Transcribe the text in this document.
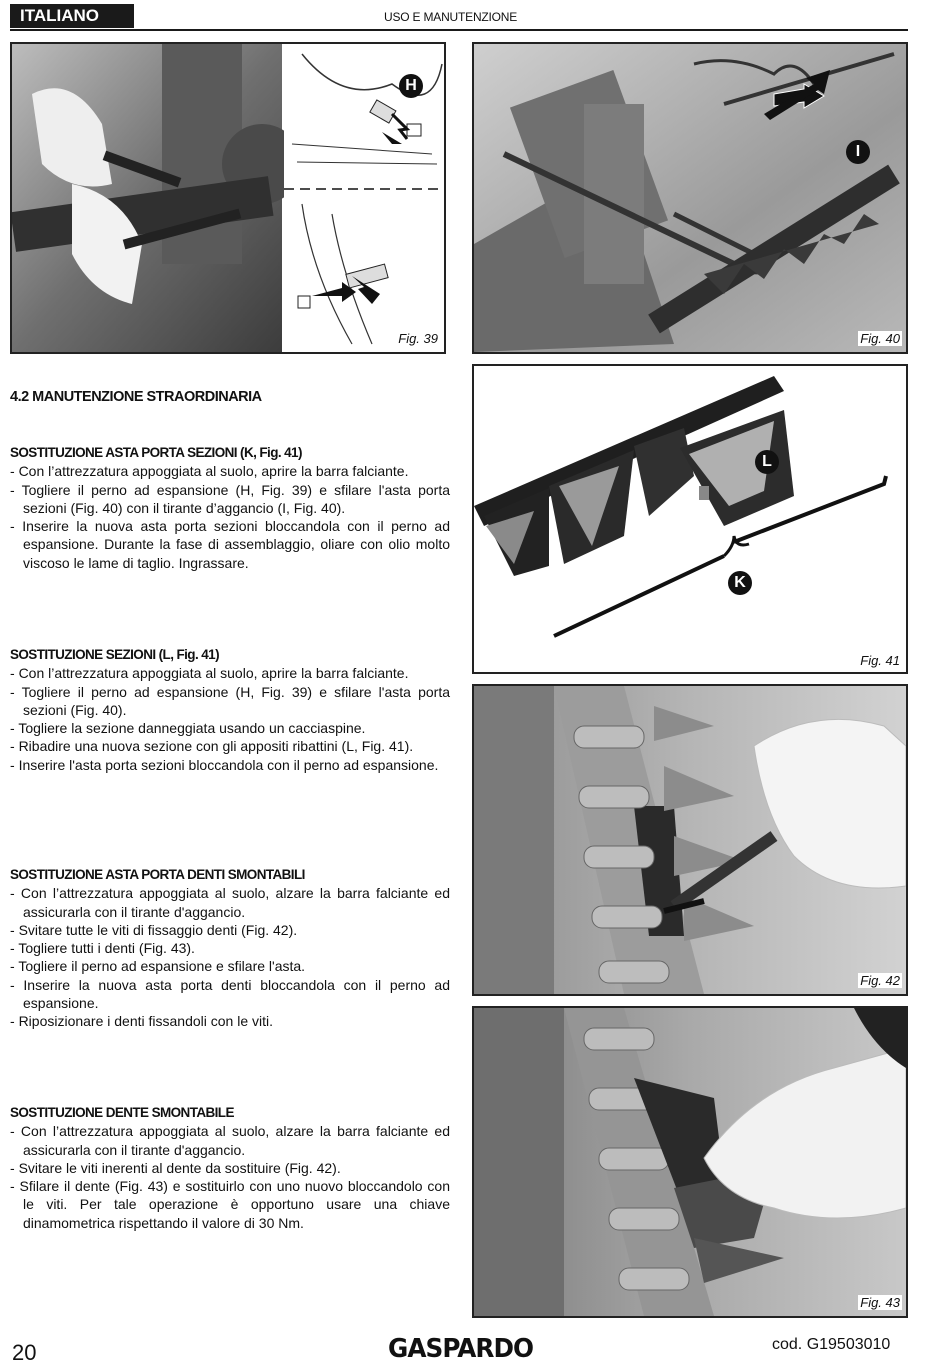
ITALIANO	USO E MANUTENZIONE
H
Fig. 39
I
Fig. 40
4.2 MANUTENZIONE STRAORDINARIA
SOSTITUZIONE ASTA PORTA SEZIONI (K, Fig. 41)
- Con l’attrezzatura appoggiata al suolo, aprire la barra falciante.
- Togliere il perno ad espansione (H, Fig. 39) e sfilare l'asta porta sezioni (Fig. 40) con il tirante d’aggancio (I, Fig. 40).
- Inserire la nuova asta porta sezioni bloccandola con il perno ad espansione. Durante la fase di assemblaggio, oliare con olio molto viscoso le lame di taglio. Ingrassare.
L
K
Fig. 41
SOSTITUZIONE SEZIONI (L, Fig. 41)
- Con l’attrezzatura appoggiata al suolo, aprire la barra falciante.
- Togliere il perno ad espansione (H, Fig. 39) e sfilare l'asta porta sezioni (Fig. 40).
- Togliere la sezione danneggiata usando un cacciaspine.
- Ribadire una nuova sezione con gli appositi ribattini (L, Fig. 41).
- Inserire l'asta porta sezioni bloccandola con il perno ad espansione.
Fig. 42
SOSTITUZIONE ASTA PORTA DENTI SMONTABILI
- Con l’attrezzatura appoggiata al suolo, alzare la barra falciante ed assicurarla con il tirante d'aggancio.
- Svitare tutte le viti di fissaggio denti (Fig. 42).
- Togliere tutti i denti (Fig. 43).
- Togliere il perno ad espansione e sfilare l'asta.
- Inserire la nuova asta porta denti bloccandola con il perno ad espansione.
- Riposizionare i denti fissandoli con le viti.
Fig. 43
SOSTITUZIONE DENTE SMONTABILE
- Con l’attrezzatura appoggiata al suolo, alzare la barra falciante ed assicurarla con il tirante d'aggancio.
- Svitare le viti inerenti al dente da sostituire (Fig. 42).
- Sfilare il dente (Fig. 43) e sostituirlo con uno nuovo bloccandolo con le viti. Per tale operazione è opportuno usare una chiave dinamometrica rispettando il valore di 30 Nm.
20	GASPARDO	cod. G19503010
